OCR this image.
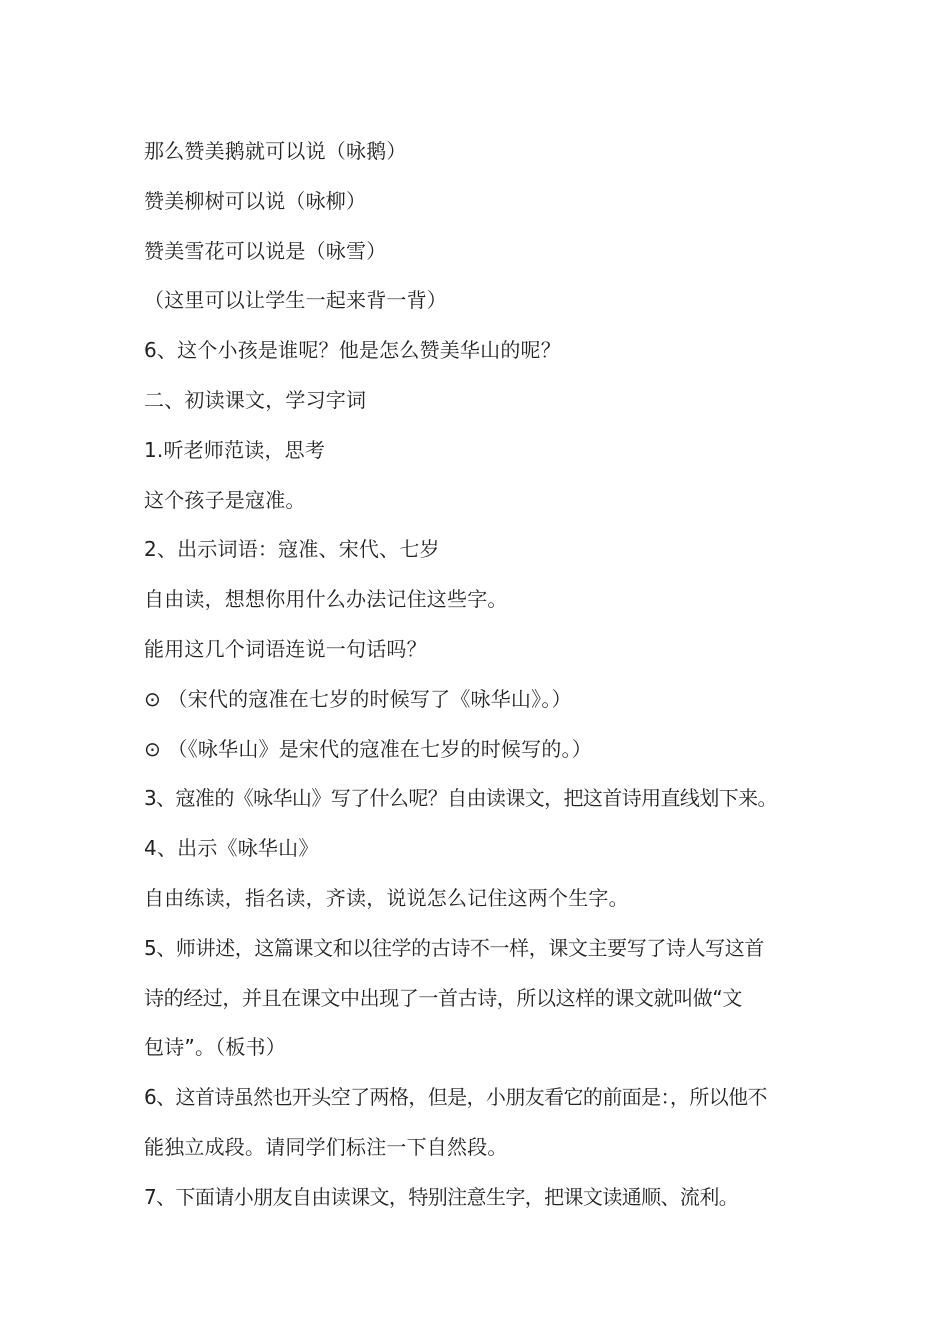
那么赞美鹅就可以说（咏鹅）
赞美柳树可以说（咏柳）
赞美雪花可以说是（咏雪）
（这里可以让学生一起来背一背）
6、这个小孩是谁呢？他是怎么赞美华山的呢？
二、初读课文，学习字词
1.听老师范读，思考
这个孩子是寇准。
2、出示词语：寇准、宋代、七岁
自由读，想想你用什么办法记住这些字。
能用这几个词语连说一句话吗？
⊙ （宋代的寇准在七岁的时候写了《咏华山》。）
⊙ （《咏华山》是宋代的寇准在七岁的时候写的。）
3、寇准的《咏华山》写了什么呢？自由读课文，把这首诗用直线划下来。
4、出示《咏华山》
自由练读，指名读，齐读，说说怎么记住这两个生字。
5、师讲述，这篇课文和以往学的古诗不一样，课文主要写了诗人写这首
诗的经过，并且在课文中出现了一首古诗，所以这样的课文就叫做“文
包诗”。（板书）
6、这首诗虽然也开头空了两格，但是，小朋友看它的前面是：，所以他不
能独立成段。请同学们标注一下自然段。
7、下面请小朋友自由读课文，特别注意生字，把课文读通顺、流利。
